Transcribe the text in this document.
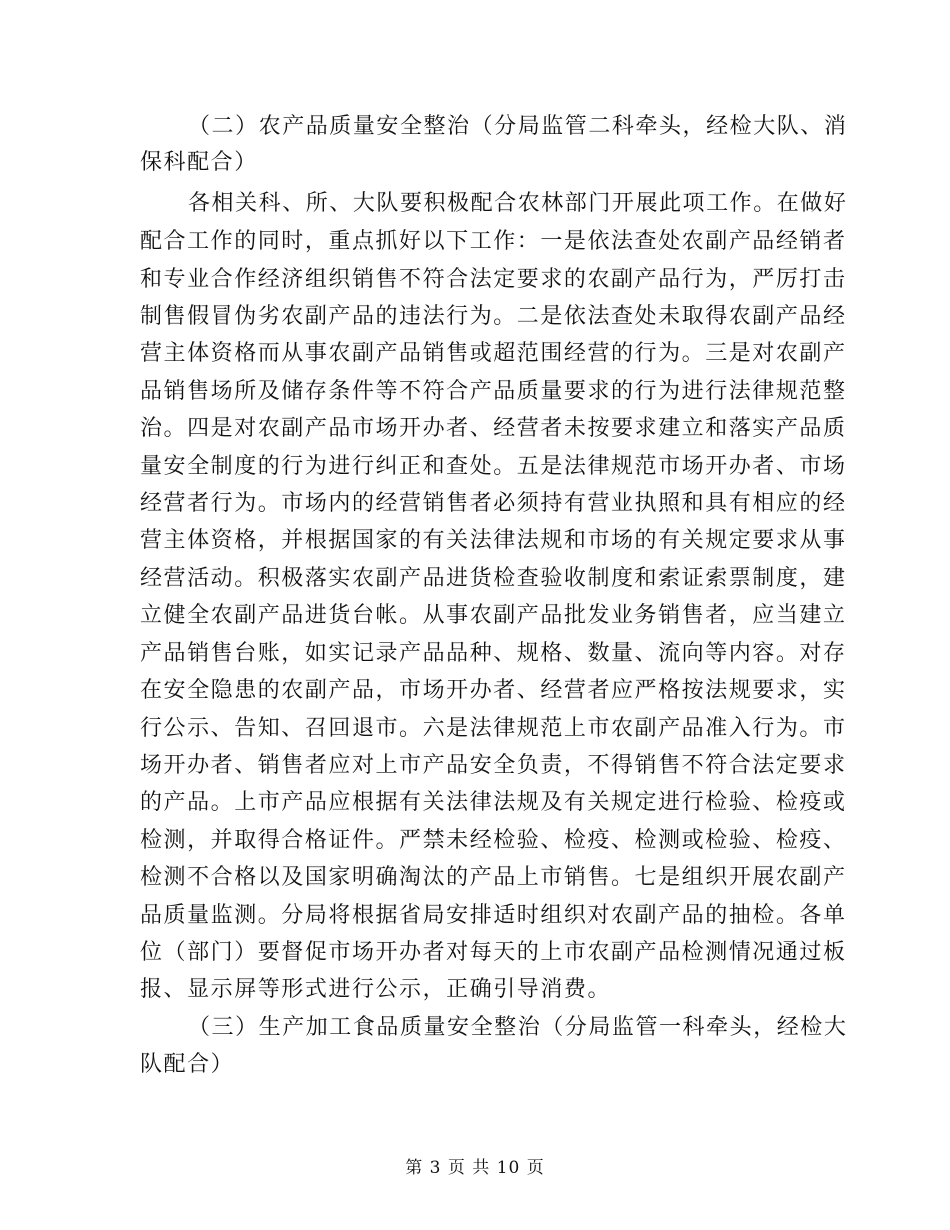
（二）农产品质量安全整治（分局监管二科牵头，经检大队、消
保科配合）
各相关科、所、大队要积极配合农林部门开展此项工作。在做好
配合工作的同时，重点抓好以下工作：一是依法查处农副产品经销者
和专业合作经济组织销售不符合法定要求的农副产品行为，严厉打击
制售假冒伪劣农副产品的违法行为。二是依法查处未取得农副产品经
营主体资格而从事农副产品销售或超范围经营的行为。三是对农副产
品销售场所及储存条件等不符合产品质量要求的行为进行法律规范整
治。四是对农副产品市场开办者、经营者未按要求建立和落实产品质
量安全制度的行为进行纠正和查处。五是法律规范市场开办者、市场
经营者行为。市场内的经营销售者必须持有营业执照和具有相应的经
营主体资格，并根据国家的有关法律法规和市场的有关规定要求从事
经营活动。积极落实农副产品进货检查验收制度和索证索票制度，建
立健全农副产品进货台帐。从事农副产品批发业务销售者，应当建立
产品销售台账，如实记录产品品种、规格、数量、流向等内容。对存
在安全隐患的农副产品，市场开办者、经营者应严格按法规要求，实
行公示、告知、召回退市。六是法律规范上市农副产品准入行为。市
场开办者、销售者应对上市产品安全负责，不得销售不符合法定要求
的产品。上市产品应根据有关法律法规及有关规定进行检验、检疫或
检测，并取得合格证件。严禁未经检验、检疫、检测或检验、检疫、
检测不合格以及国家明确淘汰的产品上市销售。七是组织开展农副产
品质量监测。分局将根据省局安排适时组织对农副产品的抽检。各单
位（部门）要督促市场开办者对每天的上市农副产品检测情况通过板
报、显示屏等形式进行公示，正确引导消费。
（三）生产加工食品质量安全整治（分局监管一科牵头，经检大
队配合）
第 3 页 共 10 页
